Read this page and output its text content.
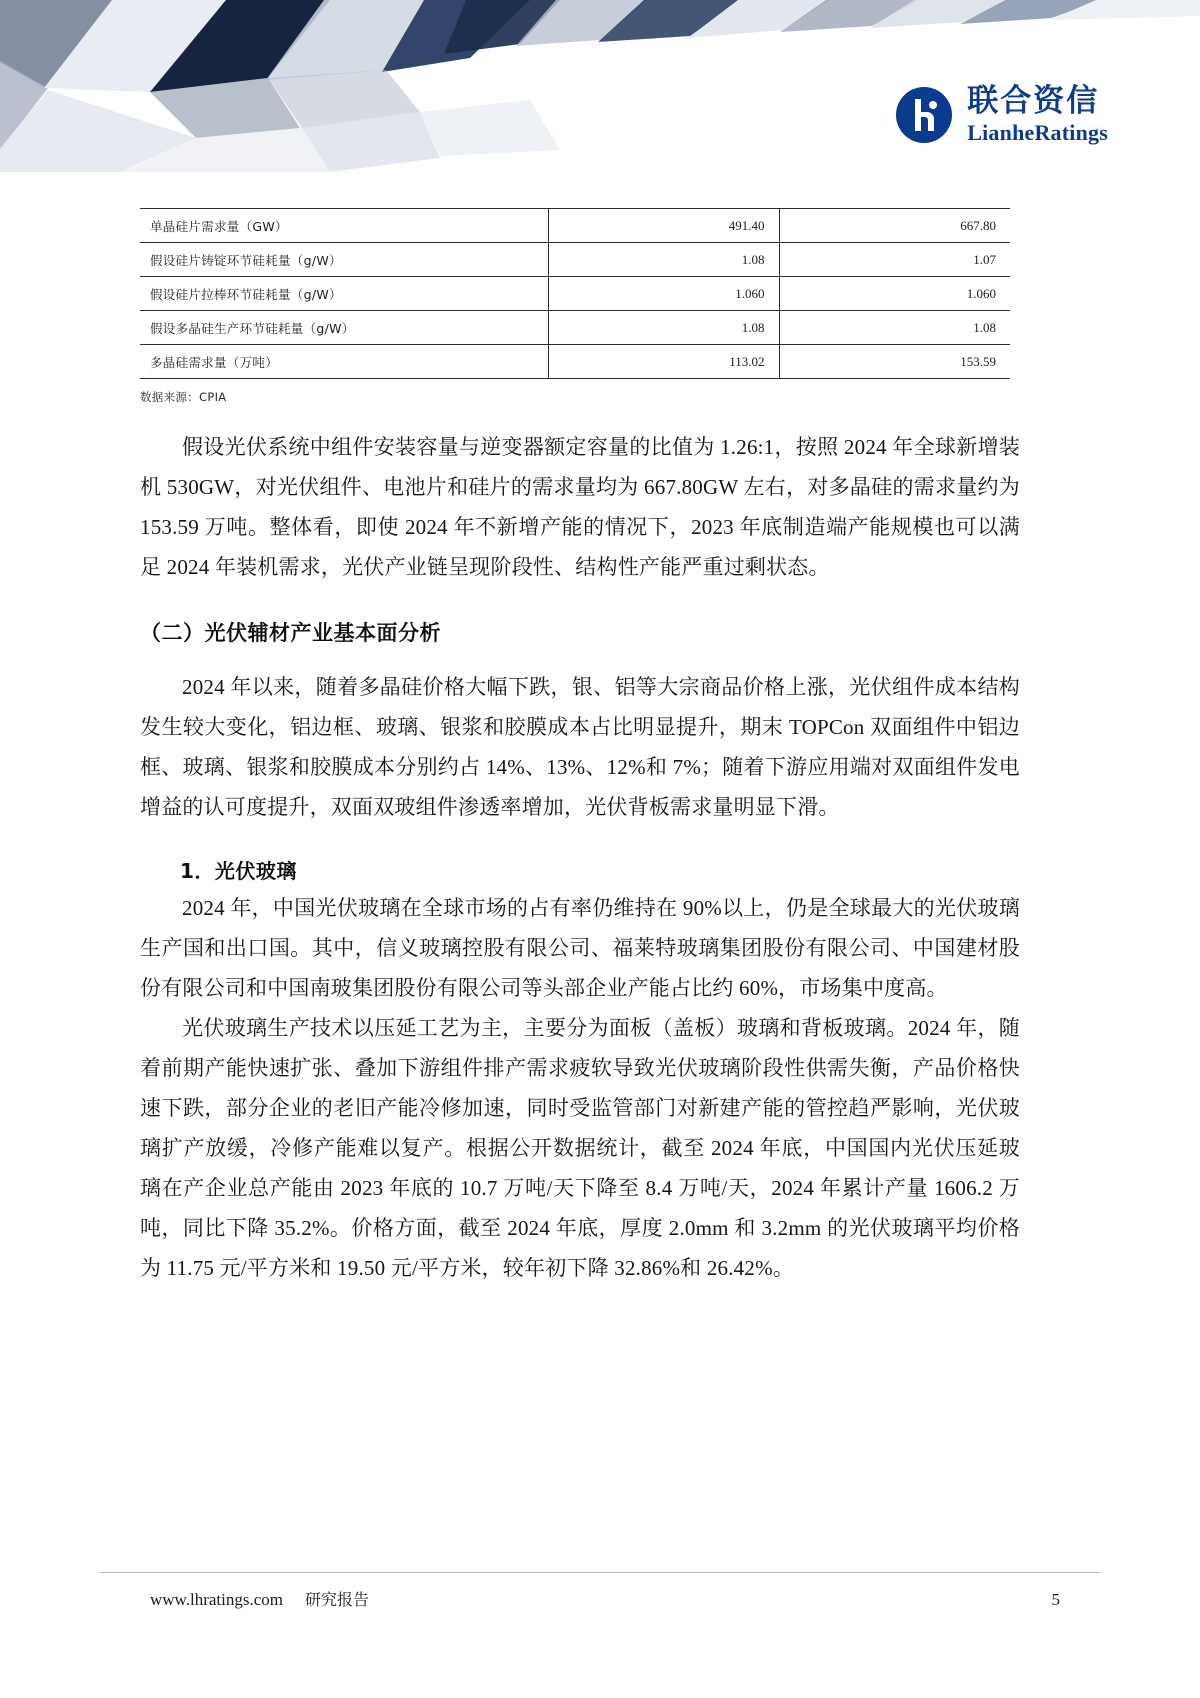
联合资信
LianheRatings
单晶硅片需求量（GW）	491.40	667.80
假设硅片铸锭环节硅耗量（g/W）	1.08	1.07
假设硅片拉棒环节硅耗量（g/W）	1.060	1.060
假设多晶硅生产环节硅耗量（g/W）	1.08	1.08
多晶硅需求量（万吨）	113.02	153.59
数据来源：CPIA

假设光伏系统中组件安装容量与逆变器额定容量的比值为 1.26:1，按照 2024 年全球新增装机 530GW，对光伏组件、电池片和硅片的需求量均为 667.80GW 左右，对多晶硅的需求量约为 153.59 万吨。整体看，即使 2024 年不新增产能的情况下，2023 年底制造端产能规模也可以满足 2024 年装机需求，光伏产业链呈现阶段性、结构性产能严重过剩状态。

（二）光伏辅材产业基本面分析

2024 年以来，随着多晶硅价格大幅下跌，银、铝等大宗商品价格上涨，光伏组件成本结构发生较大变化，铝边框、玻璃、银浆和胶膜成本占比明显提升，期末 TOPCon 双面组件中铝边框、玻璃、银浆和胶膜成本分别约占 14%、13%、12%和 7%；随着下游应用端对双面组件发电增益的认可度提升，双面双玻组件渗透率增加，光伏背板需求量明显下滑。

1．光伏玻璃

2024 年，中国光伏玻璃在全球市场的占有率仍维持在 90%以上，仍是全球最大的光伏玻璃生产国和出口国。其中，信义玻璃控股有限公司、福莱特玻璃集团股份有限公司、中国建材股份有限公司和中国南玻集团股份有限公司等头部企业产能占比约 60%，市场集中度高。

光伏玻璃生产技术以压延工艺为主，主要分为面板（盖板）玻璃和背板玻璃。2024 年，随着前期产能快速扩张、叠加下游组件排产需求疲软导致光伏玻璃阶段性供需失衡，产品价格快速下跌，部分企业的老旧产能冷修加速，同时受监管部门对新建产能的管控趋严影响，光伏玻璃扩产放缓，冷修产能难以复产。根据公开数据统计，截至 2024 年底，中国国内光伏压延玻璃在产企业总产能由 2023 年底的 10.7 万吨/天下降至 8.4 万吨/天，2024 年累计产量 1606.2 万吨，同比下降 35.2%。价格方面，截至 2024 年底，厚度 2.0mm 和 3.2mm 的光伏玻璃平均价格为 11.75 元/平方米和 19.50 元/平方米，较年初下降 32.86%和 26.42%。

www.lhratings.com 研究报告	5
